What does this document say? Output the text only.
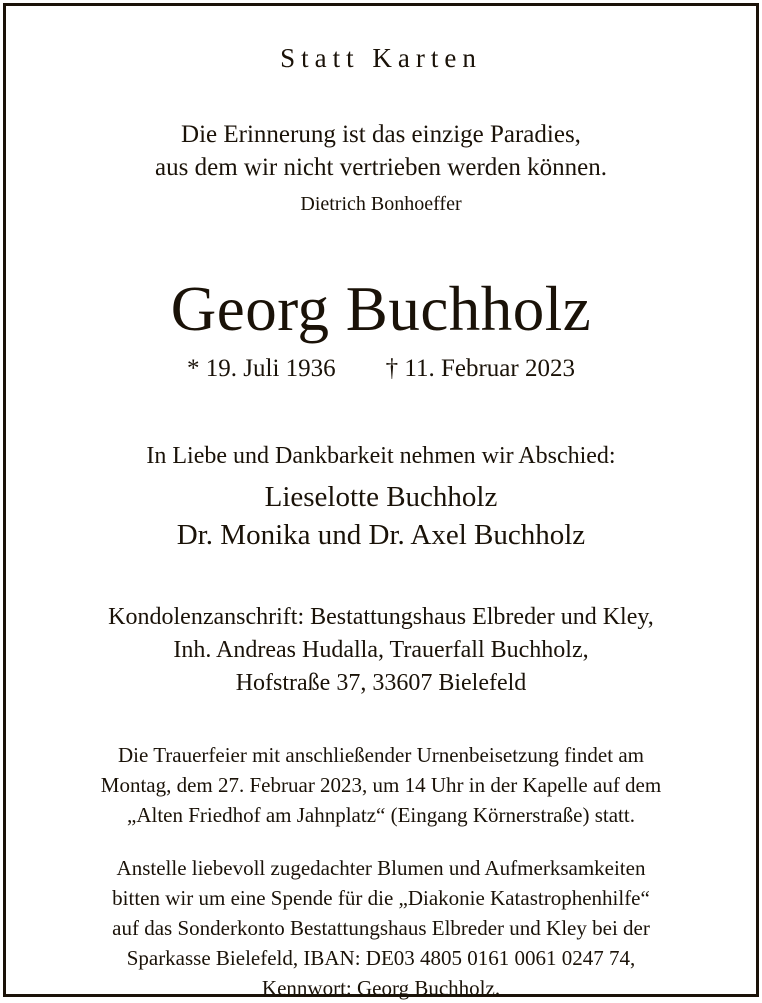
Statt Karten
Die Erinnerung ist das einzige Paradies,
aus dem wir nicht vertrieben werden können.
Dietrich Bonhoeffer
Georg Buchholz
* 19. Juli 1936        † 11. Februar 2023
In Liebe und Dankbarkeit nehmen wir Abschied:
Lieselotte Buchholz
Dr. Monika und Dr. Axel Buchholz
Kondolenzanschrift: Bestattungshaus Elbreder und Kley,
Inh. Andreas Hudalla, Trauerfall Buchholz,
Hofstraße 37, 33607 Bielefeld
Die Trauerfeier mit anschließender Urnenbeisetzung findet am
Montag, dem 27. Februar 2023, um 14 Uhr in der Kapelle auf dem
„Alten Friedhof am Jahnplatz“ (Eingang Körnerstraße) statt.
Anstelle liebevoll zugedachter Blumen und Aufmerksamkeiten
bitten wir um eine Spende für die „Diakonie Katastrophenhilfe“
auf das Sonderkonto Bestattungshaus Elbreder und Kley bei der
Sparkasse Bielefeld, IBAN: DE03 4805 0161 0061 0247 74,
Kennwort: Georg Buchholz.
